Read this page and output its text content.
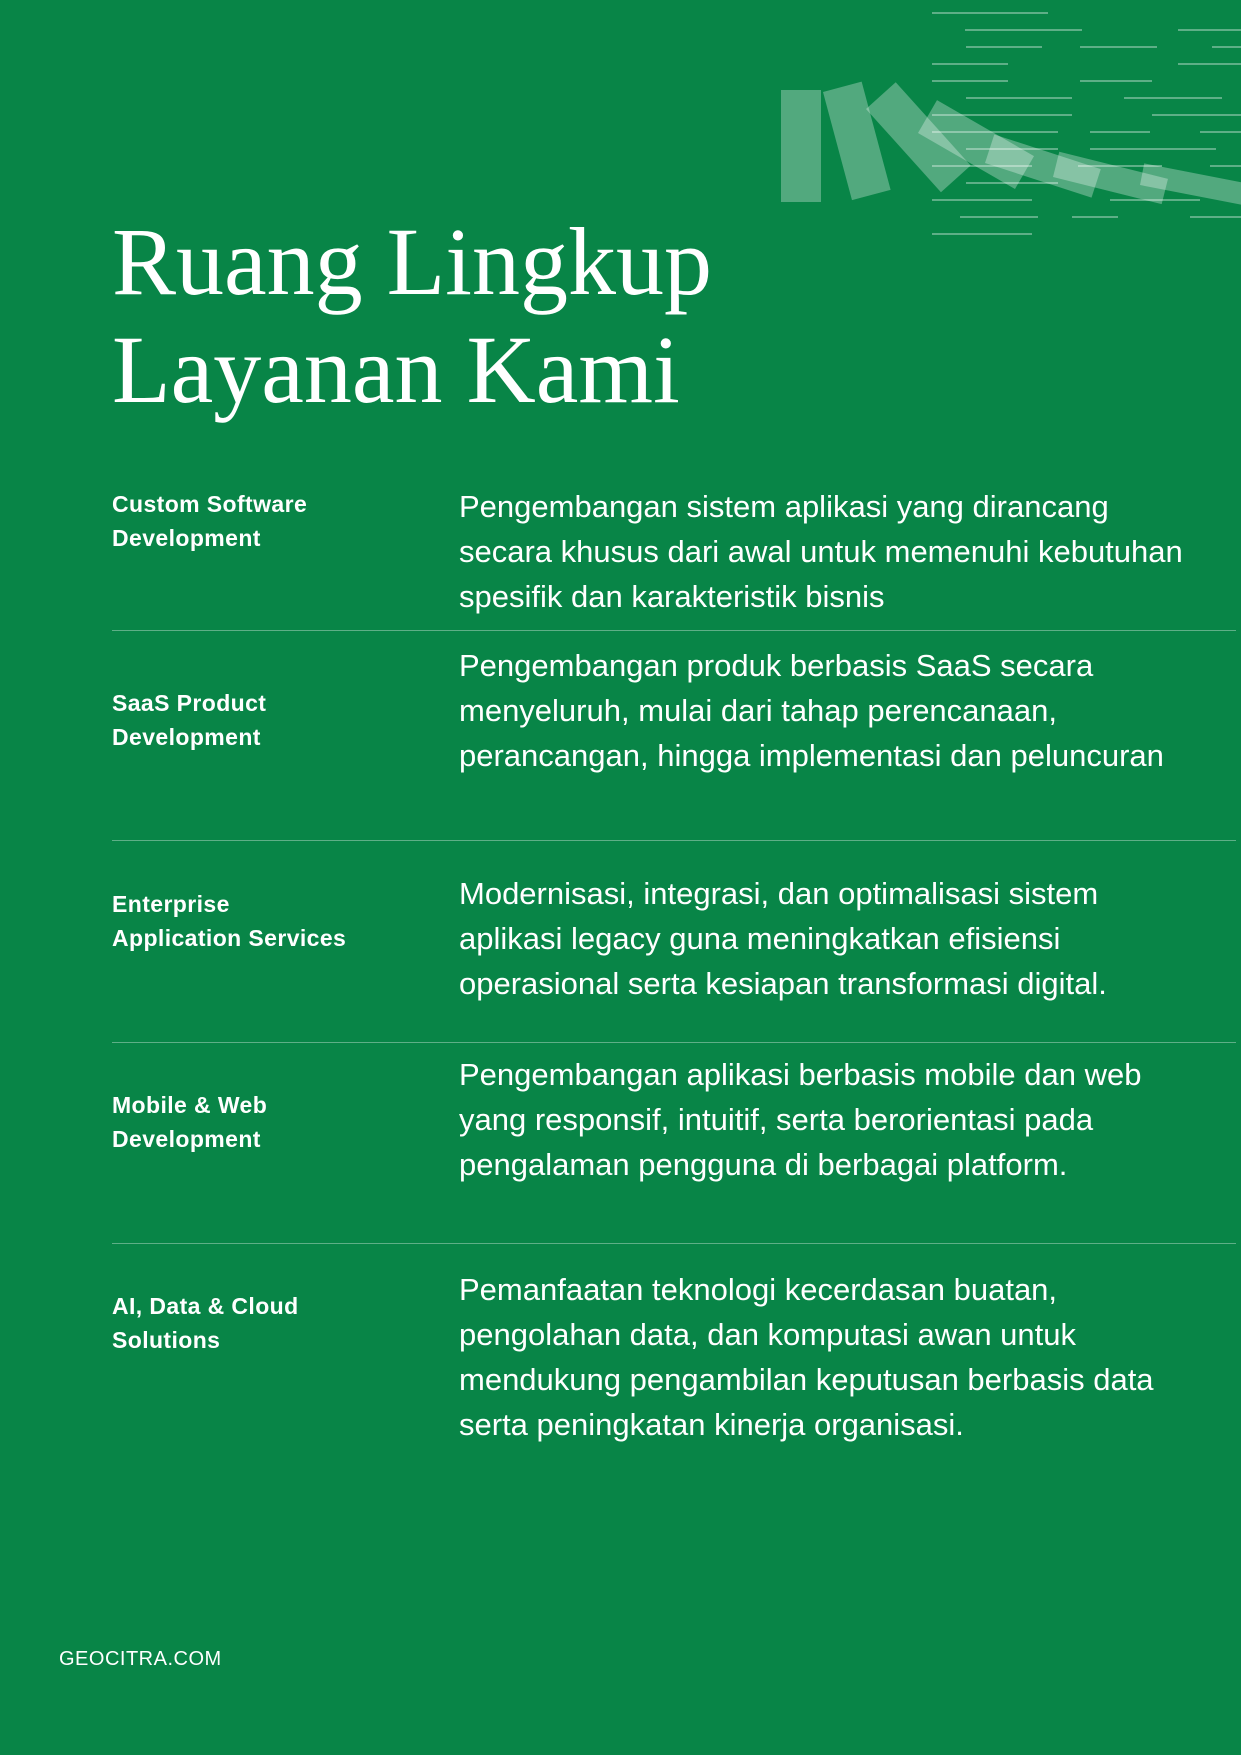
Ruang Lingkup
Layanan Kami
Custom Software
Development
Pengembangan sistem aplikasi yang dirancang secara khusus dari awal untuk memenuhi kebutuhan spesifik dan karakteristik bisnis
SaaS Product
Development
Pengembangan produk berbasis SaaS secara menyeluruh, mulai dari tahap perencanaan, perancangan, hingga implementasi dan peluncuran
Enterprise
Application Services
Modernisasi, integrasi, dan optimalisasi sistem aplikasi legacy guna meningkatkan efisiensi operasional serta kesiapan transformasi digital.
Mobile & Web
Development
Pengembangan aplikasi berbasis mobile dan web yang responsif, intuitif, serta berorientasi pada pengalaman pengguna di berbagai platform.
AI, Data & Cloud
Solutions
Pemanfaatan teknologi kecerdasan buatan, pengolahan data, dan komputasi awan untuk mendukung pengambilan keputusan berbasis data serta peningkatan kinerja organisasi.
GEOCITRA.COM
